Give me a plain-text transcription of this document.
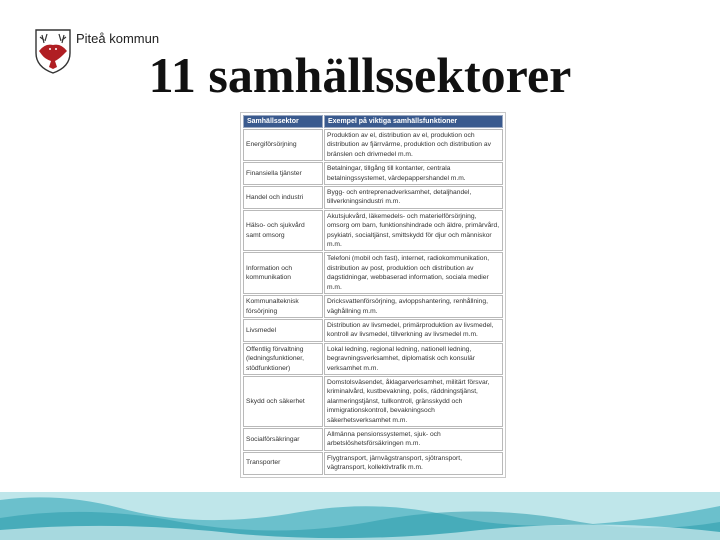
Piteå kommun
11 samhällssektorer
Samhällssektor	Exempel på viktiga samhällsfunktioner
Energiförsörjning	Produktion av el, distribution av el, produktion och distribution av fjärrvärme, produktion och distribution av bränslen och drivmedel m.m.
Finansiella tjänster	Betalningar, tillgång till kontanter, centrala betalningssystemet, värdepappershandel m.m.
Handel och industri	Bygg- och entreprenadverksamhet, detaljhandel, tillverkningsindustri m.m.
Hälso- och sjukvård samt omsorg	Akutsjukvård, läkemedels- och materielförsörjning, omsorg om barn, funktionshindrade och äldre, primärvård, psykiatri, socialtjänst, smittskydd för djur och människor m.m.
Information och kommunikation	Telefoni (mobil och fast), internet, radiokommunikation, distribution av post, produktion och distribution av dagstidningar, webbaserad information, sociala medier m.m.
Kommunalteknisk försörjning	Dricksvattenförsörjning, avloppshantering, renhållning, väghållning m.m.
Livsmedel	Distribution av livsmedel, primärproduktion av livsmedel, kontroll av livsmedel, tillverkning av livsmedel m.m.
Offentlig förvaltning (ledningsfunktioner, stödfunktioner)	Lokal ledning, regional ledning, nationell ledning, begravningsverksamhet, diplomatisk och konsulär verksamhet m.m.
Skydd och säkerhet	Domstolsväsendet, åklagarverksamhet, militärt försvar, kriminalvård, kustbevakning, polis, räddningstjänst, alarmeringstjänst, tullkontroll, gränsskydd och immigrationskontroll, bevakningsoch säkerhetsverksamhet m.m.
Socialförsäkringar	Allmänna pensionssystemet, sjuk- och arbetslöshetsförsäkringen m.m.
Transporter	Flygtransport, järnvägstransport, sjötransport, vägtransport, kollektivtrafik m.m.
